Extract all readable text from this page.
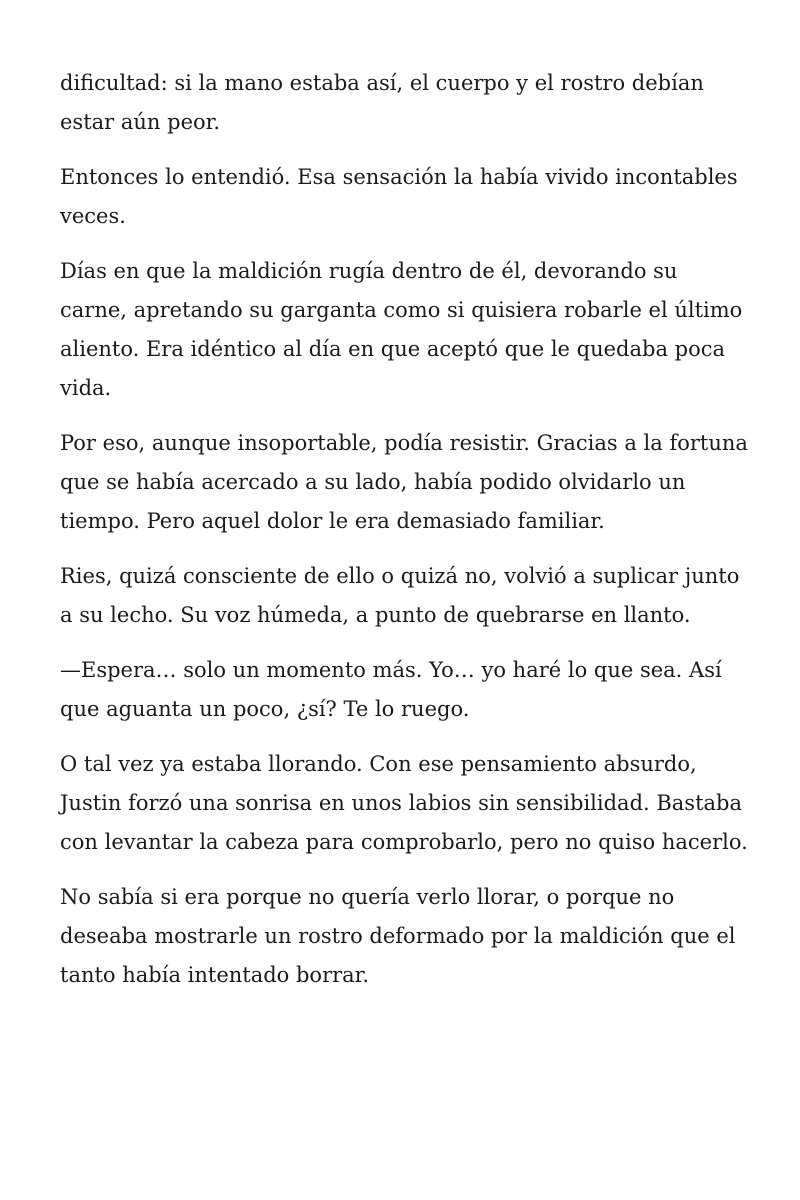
dificultad: si la mano estaba así, el cuerpo y el rostro debían estar aún peor.

Entonces lo entendió. Esa sensación la había vivido incontables veces.

Días en que la maldición rugía dentro de él, devorando su carne, apretando su garganta como si quisiera robarle el último aliento. Era idéntico al día en que aceptó que le quedaba poca vida.

Por eso, aunque insoportable, podía resistir. Gracias a la fortuna que se había acercado a su lado, había podido olvidarlo un tiempo. Pero aquel dolor le era demasiado familiar.

Ries, quizá consciente de ello o quizá no, volvió a suplicar junto a su lecho. Su voz húmeda, a punto de quebrarse en llanto.

—Espera… solo un momento más. Yo… yo haré lo que sea. Así que aguanta un poco, ¿sí? Te lo ruego.

O tal vez ya estaba llorando. Con ese pensamiento absurdo, Justin forzó una sonrisa en unos labios sin sensibilidad. Bastaba con levantar la cabeza para comprobarlo, pero no quiso hacerlo.

No sabía si era porque no quería verlo llorar, o porque no deseaba mostrarle un rostro deformado por la maldición que el tanto había intentado borrar.
